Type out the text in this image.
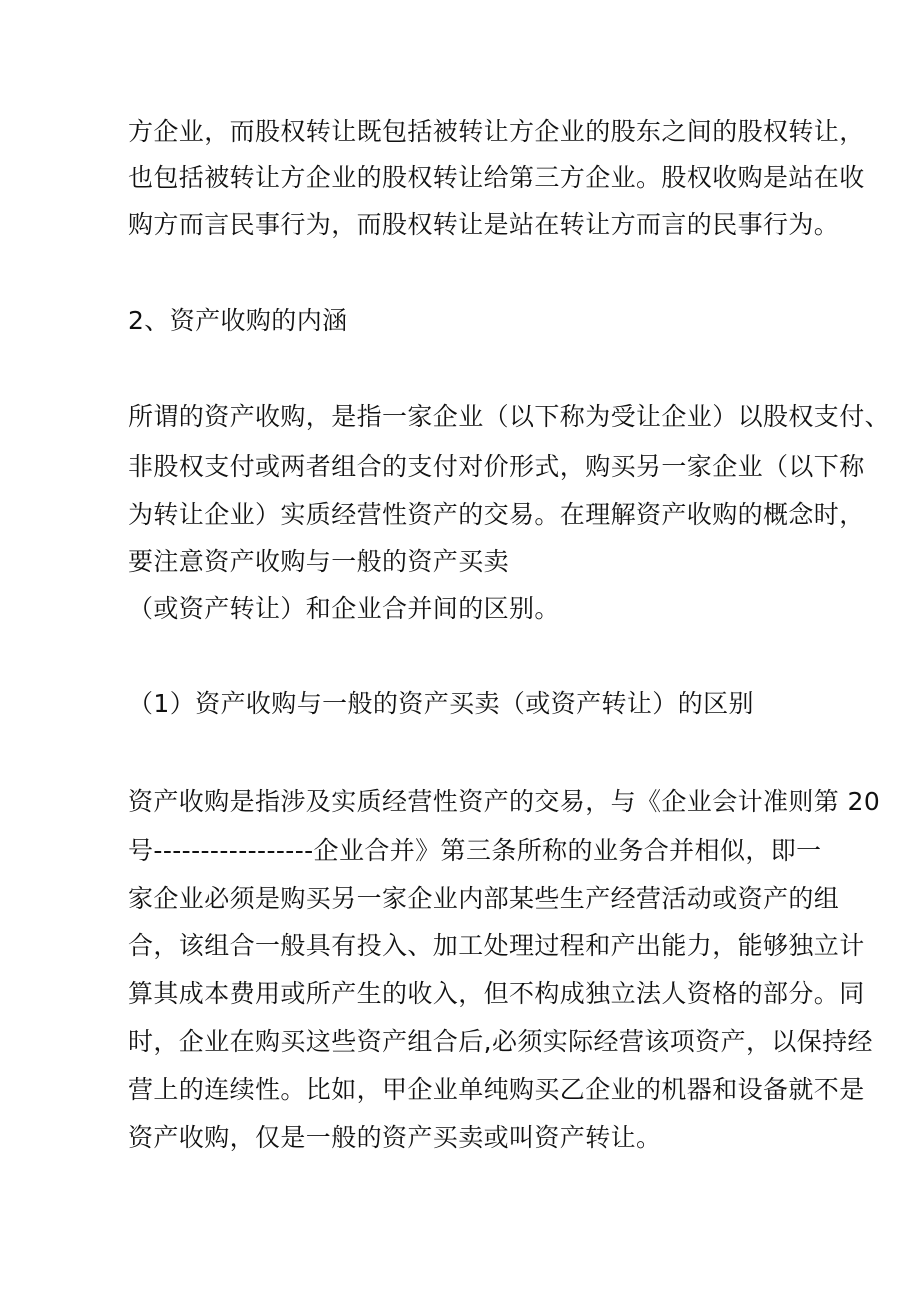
方企业，而股权转让既包括被转让方企业的股东之间的股权转让，
也包括被转让方企业的股权转让给第三方企业。股权收购是站在收
购方而言民事行为，而股权转让是站在转让方而言的民事行为。
2、资产收购的内涵
所谓的资产收购，是指一家企业（以下称为受让企业）以股权支付、
非股权支付或两者组合的支付对价形式，购买另一家企业（以下称
为转让企业）实质经营性资产的交易。在理解资产收购的概念时，
要注意资产收购与一般的资产买卖
（或资产转让）和企业合并间的区别。
（1）资产收购与一般的资产买卖（或资产转让）的区别
资产收购是指涉及实质经营性资产的交易，与《企业会计准则第 20
号-----------------企业合并》第三条所称的业务合并相似，即一
家企业必须是购买另一家企业内部某些生产经营活动或资产的组
合，该组合一般具有投入、加工处理过程和产出能力，能够独立计
算其成本费用或所产生的收入，但不构成独立法人资格的部分。同
时，企业在购买这些资产组合后,必须实际经营该项资产，以保持经
营上的连续性。比如，甲企业单纯购买乙企业的机器和设备就不是
资产收购，仅是一般的资产买卖或叫资产转让。
